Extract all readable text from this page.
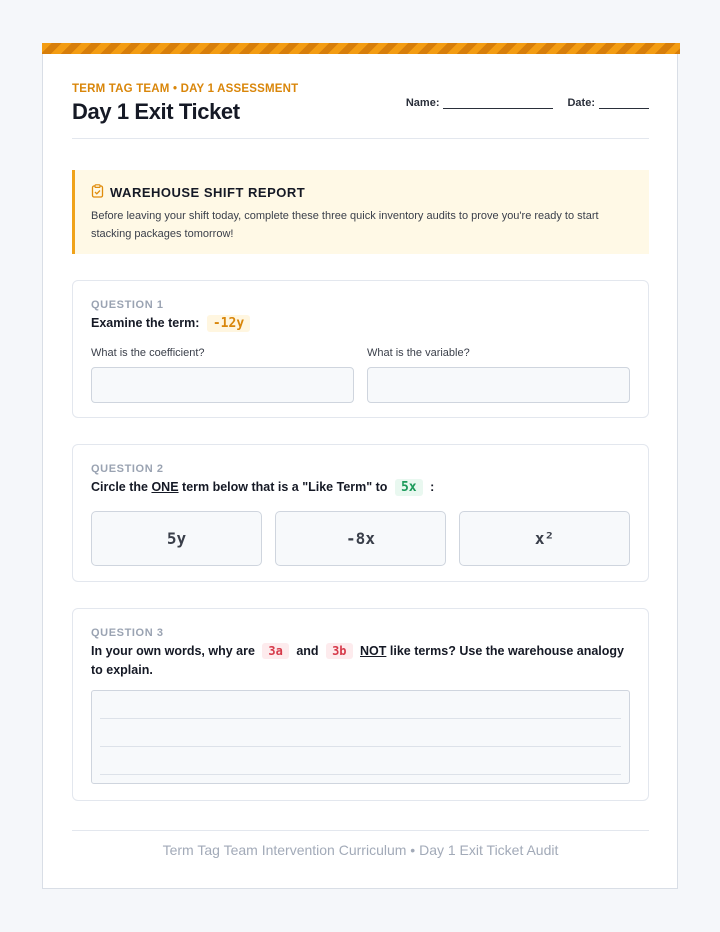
TERM TAG TEAM • DAY 1 ASSESSMENT
Day 1 Exit Ticket	Name:	Date:
WAREHOUSE SHIFT REPORT
Before leaving your shift today, complete these three quick inventory audits to prove you're ready to start stacking packages tomorrow!
QUESTION 1
Examine the term: -12y
What is the coefficient?	What is the variable?
QUESTION 2
Circle the ONE term below that is a "Like Term" to 5x :
5y	-8x	x²
QUESTION 3
In your own words, why are 3a and 3b NOT like terms? Use the warehouse analogy to explain.
Term Tag Team Intervention Curriculum • Day 1 Exit Ticket Audit
